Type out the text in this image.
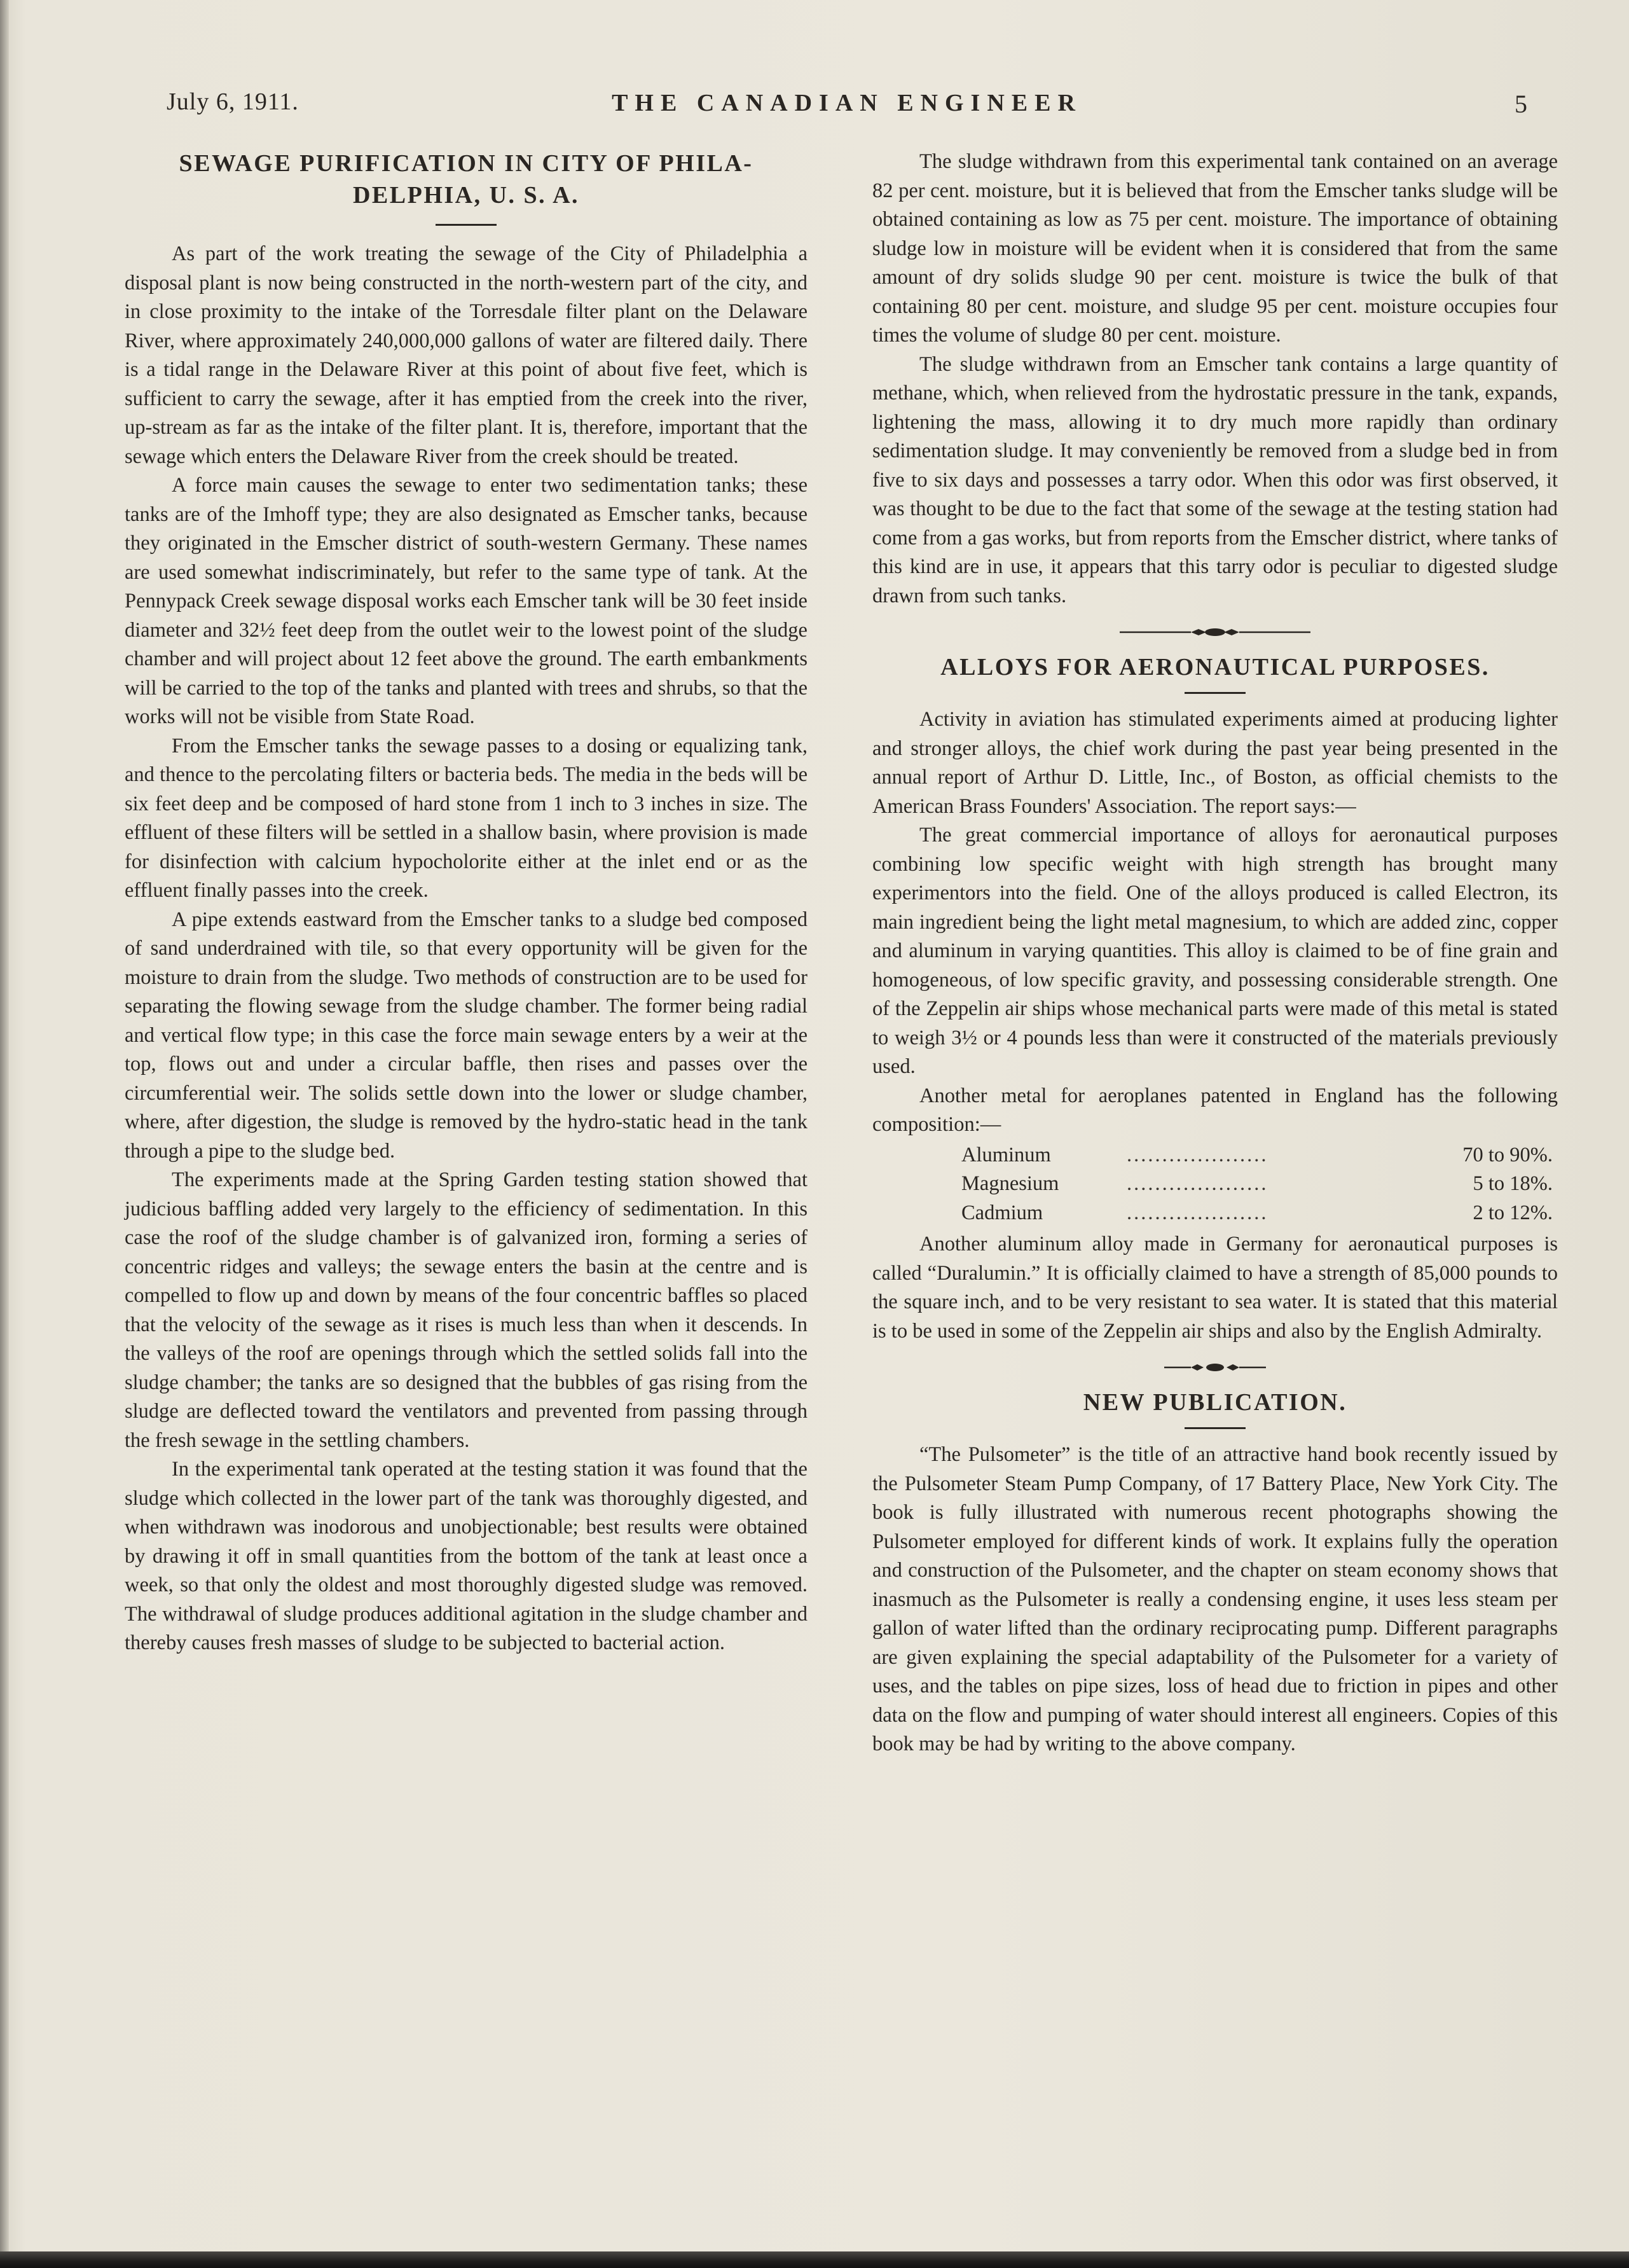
July 6, 1911.	THE CANADIAN ENGINEER	5
SEWAGE PURIFICATION IN CITY OF PHILA-
DELPHIA, U. S. A.

As part of the work treating the sewage of the City of Philadelphia a disposal plant is now being constructed in the north-western part of the city, and in close proximity to the intake of the Torresdale filter plant on the Delaware River, where approximately 240,000,000 gallons of water are filtered daily. There is a tidal range in the Delaware River at this point of about five feet, which is sufficient to carry the sewage, after it has emptied from the creek into the river, up-stream as far as the intake of the filter plant. It is, therefore, important that the sewage which enters the Delaware River from the creek should be treated.

A force main causes the sewage to enter two sedimentation tanks; these tanks are of the Imhoff type; they are also designated as Emscher tanks, because they originated in the Emscher district of south-western Germany. These names are used somewhat indiscriminately, but refer to the same type of tank. At the Pennypack Creek sewage disposal works each Emscher tank will be 30 feet inside diameter and 32½ feet deep from the outlet weir to the lowest point of the sludge chamber and will project about 12 feet above the ground. The earth embankments will be carried to the top of the tanks and planted with trees and shrubs, so that the works will not be visible from State Road.

From the Emscher tanks the sewage passes to a dosing or equalizing tank, and thence to the percolating filters or bacteria beds. The media in the beds will be six feet deep and be composed of hard stone from 1 inch to 3 inches in size. The effluent of these filters will be settled in a shallow basin, where provision is made for disinfection with calcium hypocholorite either at the inlet end or as the effluent finally passes into the creek.

A pipe extends eastward from the Emscher tanks to a sludge bed composed of sand underdrained with tile, so that every opportunity will be given for the moisture to drain from the sludge. Two methods of construction are to be used for separating the flowing sewage from the sludge chamber. The former being radial and vertical flow type; in this case the force main sewage enters by a weir at the top, flows out and under a circular baffle, then rises and passes over the circumferential weir. The solids settle down into the lower or sludge chamber, where, after digestion, the sludge is removed by the hydro-static head in the tank through a pipe to the sludge bed.

The experiments made at the Spring Garden testing station showed that judicious baffling added very largely to the efficiency of sedimentation. In this case the roof of the sludge chamber is of galvanized iron, forming a series of concentric ridges and valleys; the sewage enters the basin at the centre and is compelled to flow up and down by means of the four concentric baffles so placed that the velocity of the sewage as it rises is much less than when it descends. In the valleys of the roof are openings through which the settled solids fall into the sludge chamber; the tanks are so designed that the bubbles of gas rising from the sludge are deflected toward the ventilators and prevented from passing through the fresh sewage in the settling chambers.

In the experimental tank operated at the testing station it was found that the sludge which collected in the lower part of the tank was thoroughly digested, and when withdrawn was inodorous and unobjectionable; best results were obtained by drawing it off in small quantities from the bottom of the tank at least once a week, so that only the oldest and most thoroughly digested sludge was removed. The withdrawal of sludge produces additional agitation in the sludge chamber and thereby causes fresh masses of sludge to be subjected to bacterial action.

The sludge withdrawn from this experimental tank contained on an average 82 per cent. moisture, but it is believed that from the Emscher tanks sludge will be obtained containing as low as 75 per cent. moisture. The importance of obtaining sludge low in moisture will be evident when it is considered that from the same amount of dry solids sludge 90 per cent. moisture is twice the bulk of that containing 80 per cent. moisture, and sludge 95 per cent. moisture occupies four times the volume of sludge 80 per cent. moisture.

The sludge withdrawn from an Emscher tank contains a large quantity of methane, which, when relieved from the hydrostatic pressure in the tank, expands, lightening the mass, allowing it to dry much more rapidly than ordinary sedimentation sludge. It may conveniently be removed from a sludge bed in from five to six days and possesses a tarry odor. When this odor was first observed, it was thought to be due to the fact that some of the sewage at the testing station had come from a gas works, but from reports from the Emscher district, where tanks of this kind are in use, it appears that this tarry odor is peculiar to digested sludge drawn from such tanks.

ALLOYS FOR AERONAUTICAL PURPOSES.

Activity in aviation has stimulated experiments aimed at producing lighter and stronger alloys, the chief work during the past year being presented in the annual report of Arthur D. Little, Inc., of Boston, as official chemists to the American Brass Founders' Association. The report says:—

The great commercial importance of alloys for aeronautical purposes combining low specific weight with high strength has brought many experimentors into the field. One of the alloys produced is called Electron, its main ingredient being the light metal magnesium, to which are added zinc, copper and aluminum in varying quantities. This alloy is claimed to be of fine grain and homogeneous, of low specific gravity, and possessing considerable strength. One of the Zeppelin air ships whose mechanical parts were made of this metal is stated to weigh 3½ or 4 pounds less than were it constructed of the materials previously used.

Another metal for aeroplanes patented in England has the following composition:—

Aluminum	....................	70 to 90%.
Magnesium	....................	5 to 18%.
Cadmium	....................	2 to 12%.

Another aluminum alloy made in Germany for aeronautical purposes is called “Duralumin.” It is officially claimed to have a strength of 85,000 pounds to the square inch, and to be very resistant to sea water. It is stated that this material is to be used in some of the Zeppelin air ships and also by the English Admiralty.

NEW PUBLICATION.

“The Pulsometer” is the title of an attractive hand book recently issued by the Pulsometer Steam Pump Company, of 17 Battery Place, New York City. The book is fully illustrated with numerous recent photographs showing the Pulsometer employed for different kinds of work. It explains fully the operation and construction of the Pulsometer, and the chapter on steam economy shows that inasmuch as the Pulsometer is really a condensing engine, it uses less steam per gallon of water lifted than the ordinary reciprocating pump. Different paragraphs are given explaining the special adaptability of the Pulsometer for a variety of uses, and the tables on pipe sizes, loss of head due to friction in pipes and other data on the flow and pumping of water should interest all engineers. Copies of this book may be had by writing to the above company.
